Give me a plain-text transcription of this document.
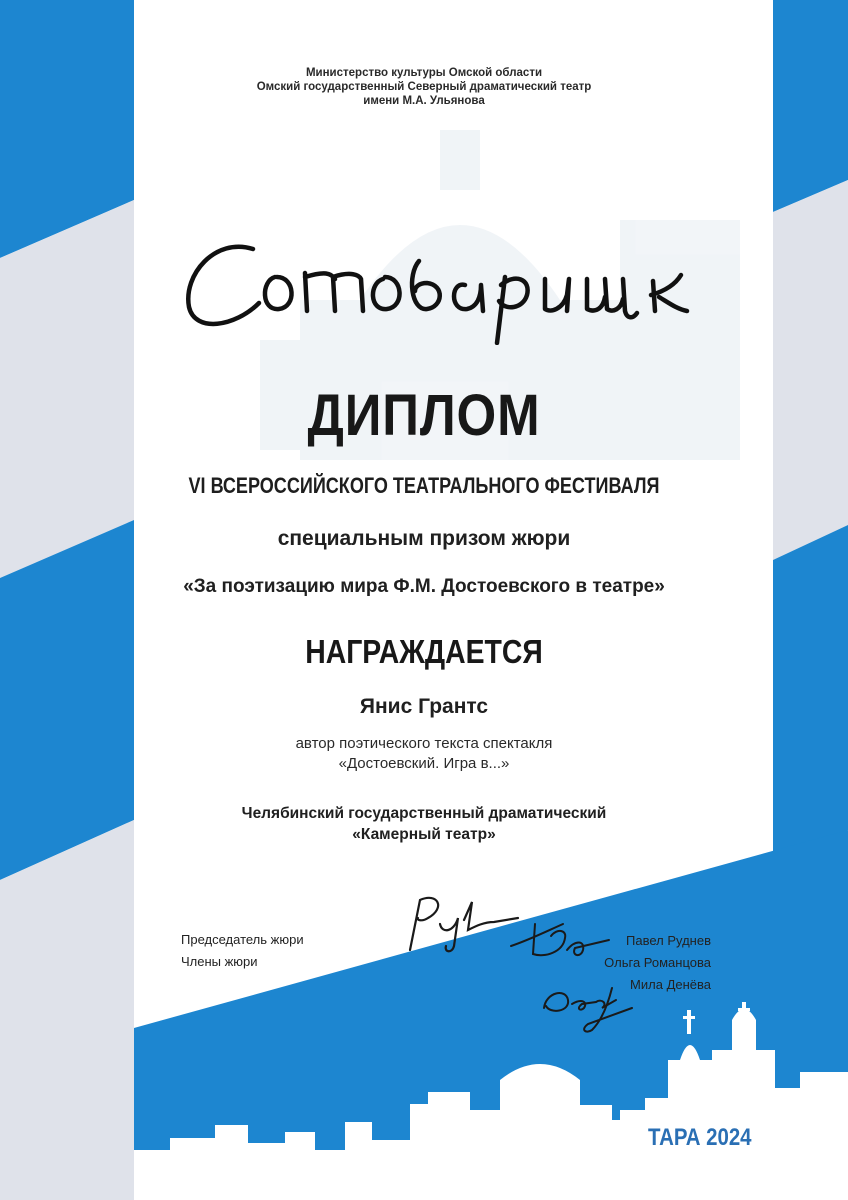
Министерство культуры Омской области
Омский государственный Северный драматический театр
имени М.А. Ульянова
ДИПЛОМ
VI ВСЕРОССИЙСКОГО ТЕАТРАЛЬНОГО ФЕСТИВАЛЯ
специальным призом жюри
«За поэтизацию мира Ф.М. Достоевского в театре»
НАГРАЖДАЕТСЯ
Янис Грантс
автор поэтического текста спектакля
«Достоевский. Игра в...»
Челябинский государственный драматический
«Камерный театр»
Председатель жюри
Члены жюри
Павел Руднев
Ольга Романцова
Мила Денёва
ТАРА 2024
